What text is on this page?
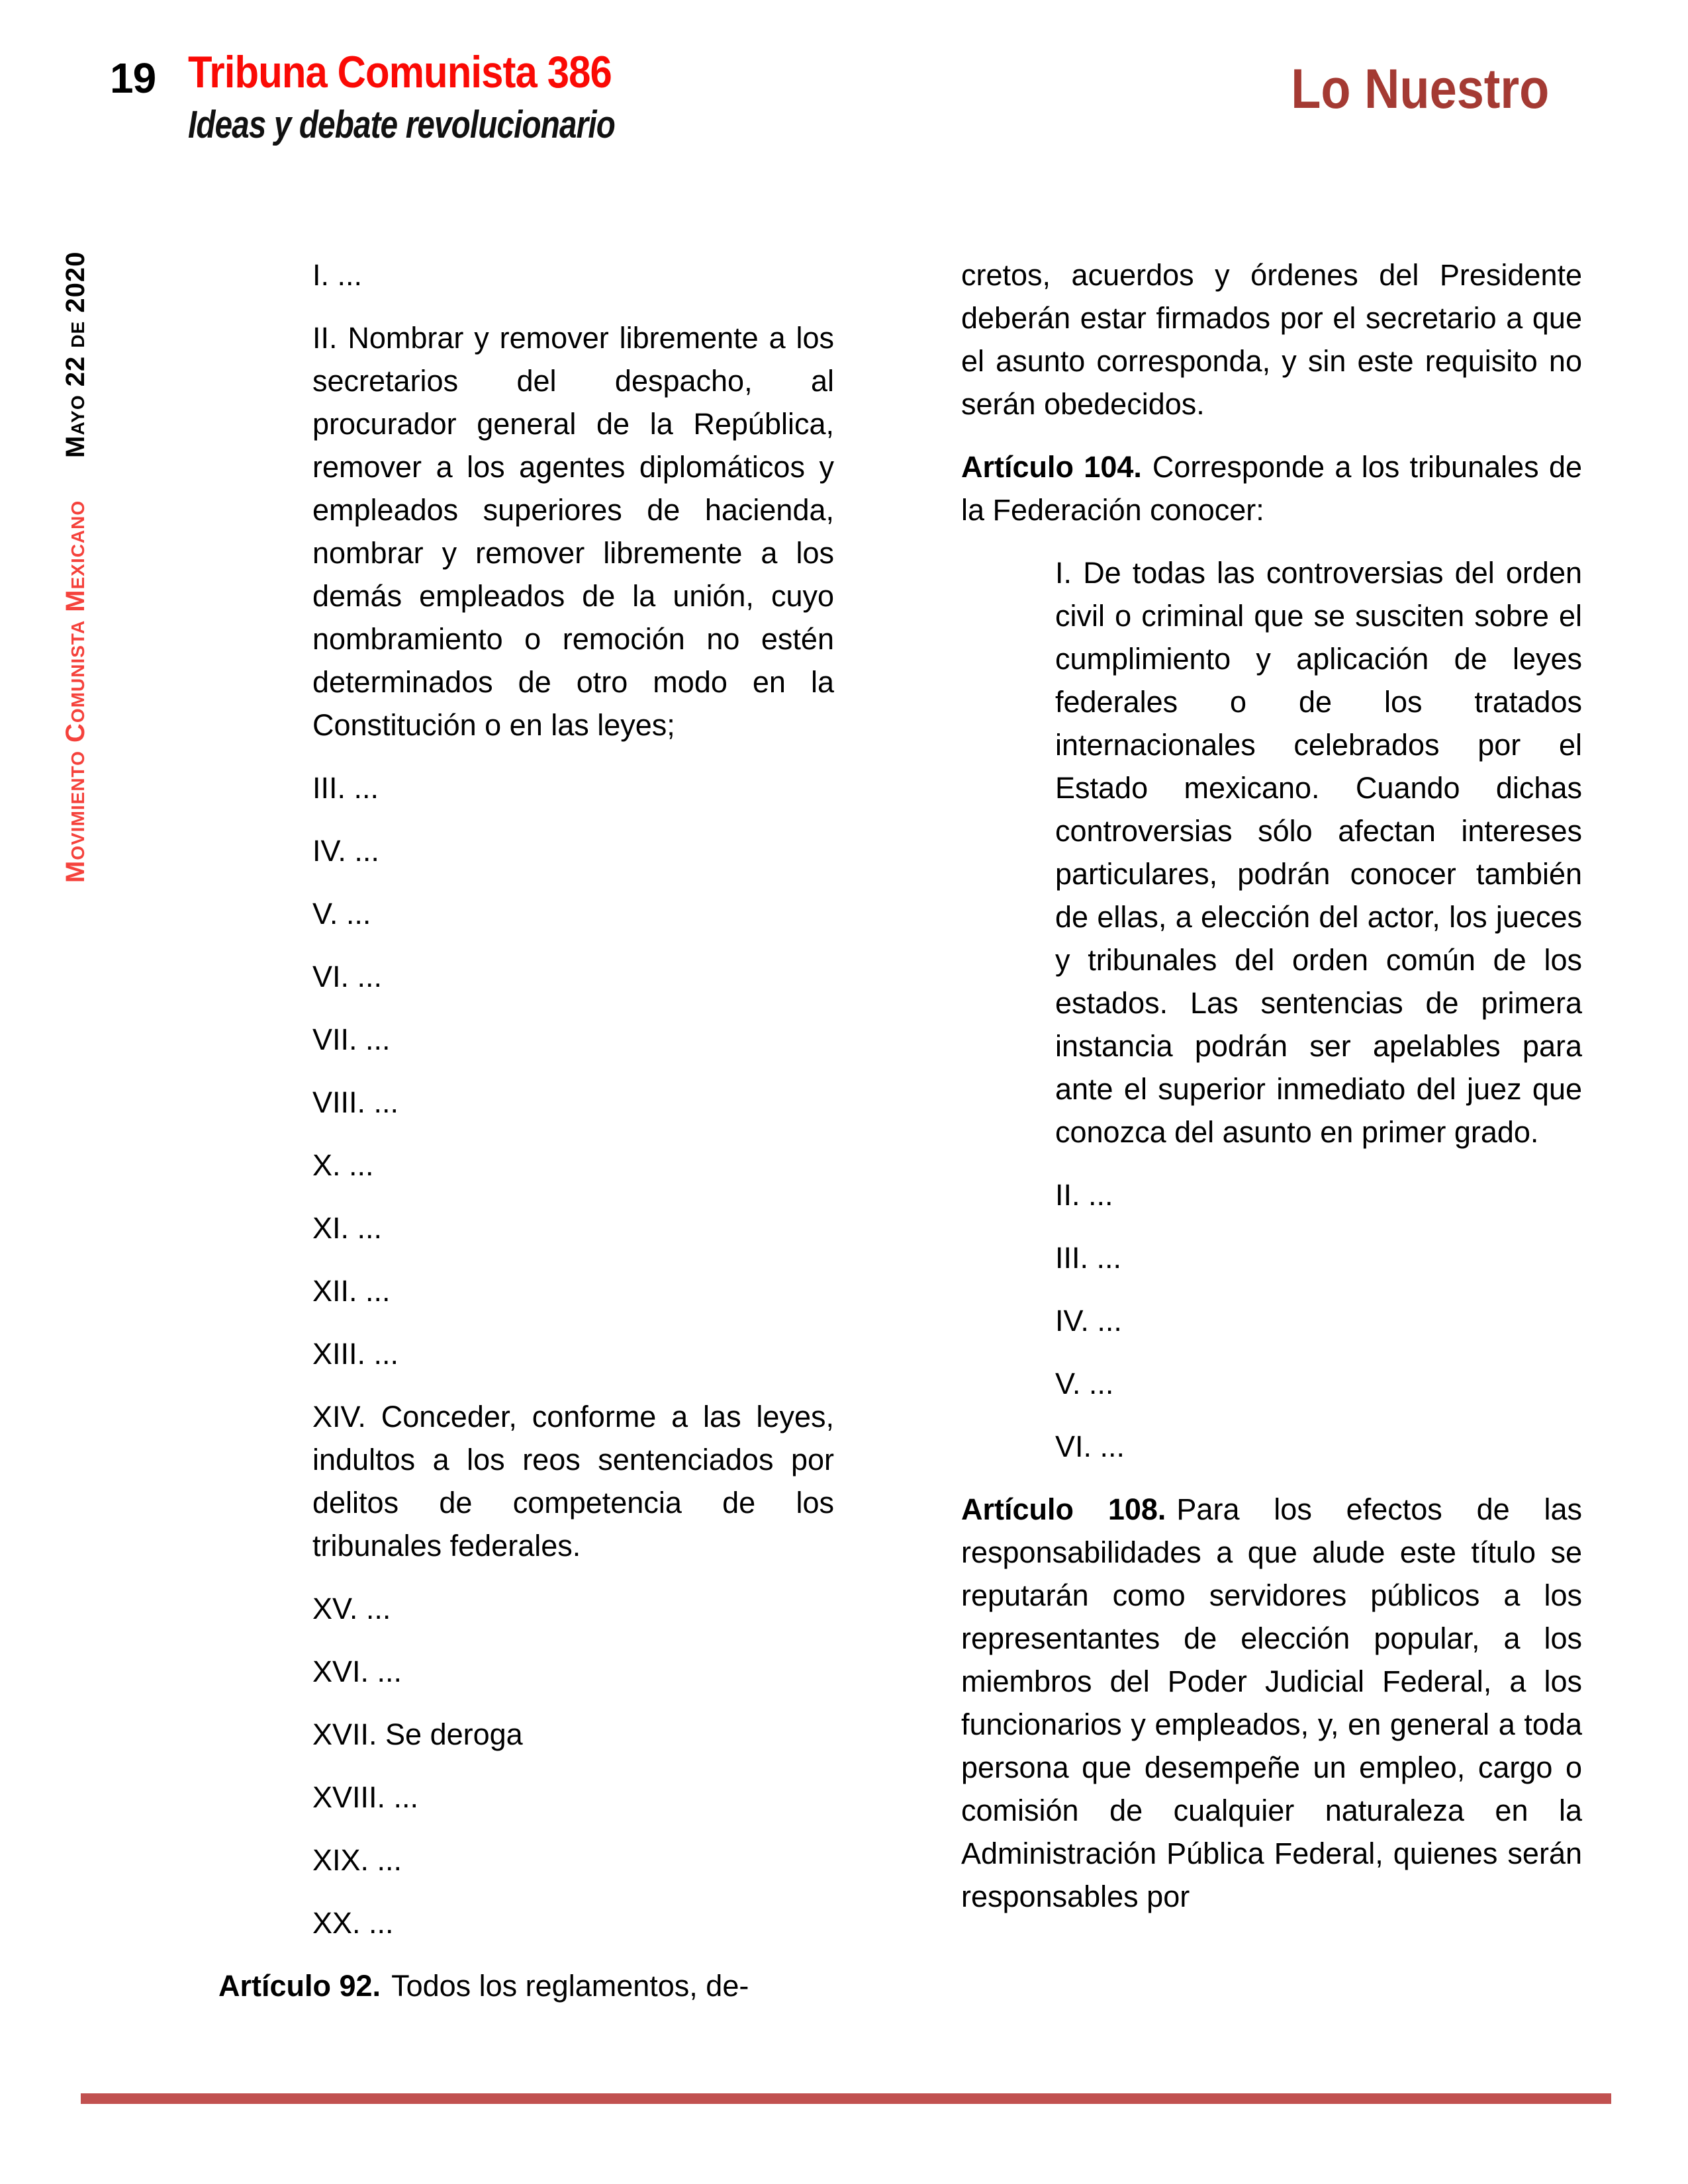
19 Tribuna Comunista 386
Ideas y debate revolucionario
Lo Nuestro
Movimiento Comunista MexicanoMayo 22 de 2020	I. ...

II. Nombrar y remover libremente a los secretarios del despacho, al procurador general de la República, remover a los agentes diplomáticos y empleados superiores de hacienda, nombrar y remover libremente a los demás empleados de la unión, cuyo nombramiento o remoción no estén determinados de otro modo en la Constitución o en las leyes;

III. ...

IV. ...

V. ...

VI. ...

VII. ...

VIII. ...

X. ...

XI. ...

XII. ...

XIII. ...

XIV. Conceder, conforme a las leyes, indultos a los reos sentenciados por delitos de competencia de los tribunales federales.

XV. ...

XVI. ...

XVII. Se deroga

XVIII. ...

XIX. ...

XX. ...

Artículo 92. Todos los reglamentos, de-

cretos, acuerdos y órdenes del Presidente deberán estar firmados por el secretario a que el asunto corresponda, y sin este requisito no serán obedecidos.

Artículo 104. Corresponde a los tribunales de la Federación conocer:

I. De todas las controversias del orden civil o criminal que se susciten sobre el cumplimiento y aplicación de leyes federales o de los tratados internacionales celebrados por el Estado mexicano. Cuando dichas controversias sólo afectan intereses particulares, podrán conocer también de ellas, a elección del actor, los jueces y tribunales del orden común de los estados. Las sentencias de primera instancia podrán ser apelables para ante el superior inmediato del juez que conozca del asunto en primer grado.

II. ...

III. ...

IV. ...

V. ...

VI. ...

Artículo 108. Para los efectos de las responsabilidades a que alude este título se reputarán como servidores públicos a los representantes de elección popular, a los miembros del Poder Judicial Federal, a los funcionarios y empleados, y, en general a toda persona que desempeñe un empleo, cargo o comisión de cualquier naturaleza en la Administración Pública Federal, quienes serán responsables por
